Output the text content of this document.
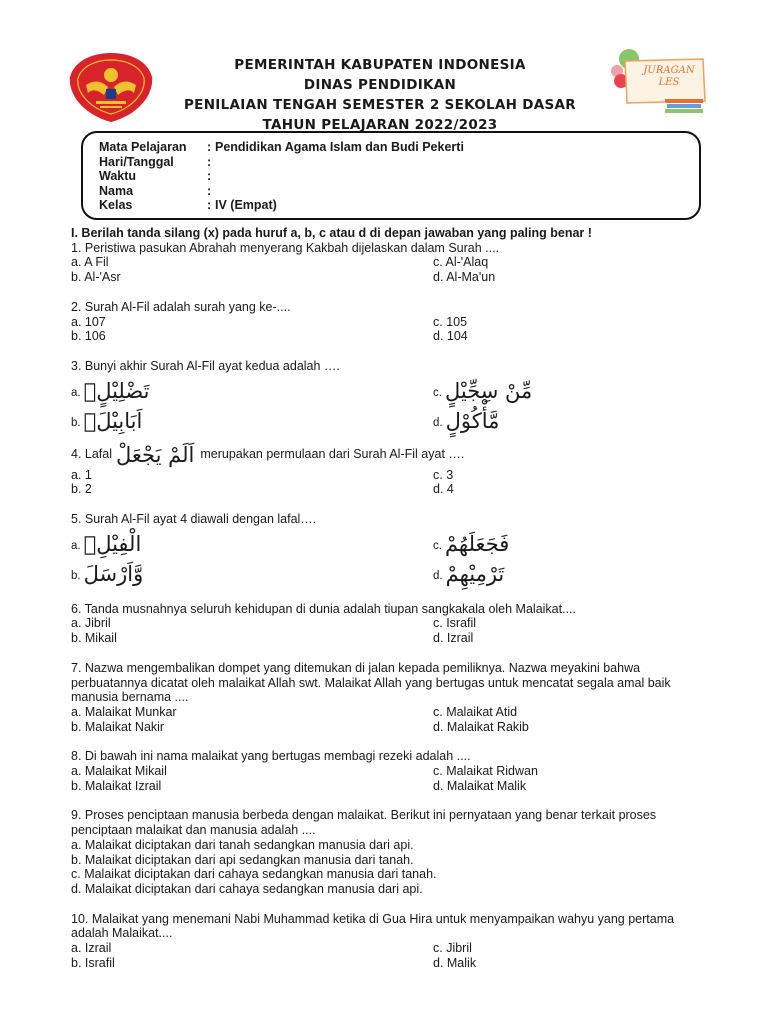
PEMERINTAH KABUPATEN INDONESIA
DINAS PENDIDIKAN
PENILAIAN TENGAH SEMESTER 2 SEKOLAH DASAR
TAHUN PELAJARAN 2022/2023
JURAGAN
LES
Mata Pelajaran	: Pendidikan Agama Islam dan Budi Pekerti
Hari/Tanggal	:
Waktu	:
Nama	:
Kelas	: IV (Empat)
I. Berilah tanda silang (x) pada huruf a, b, c atau d di depan jawaban yang paling benar !
1. Peristiwa pasukan Abrahah menyerang Kakbah dijelaskan dalam Surah ....
a. A Fil	c. Al-'Alaq
b. Al-'Asr	d. Al-Ma'un
2. Surah Al-Fil adalah surah yang ke-....
a. 107	c. 105
b. 106	d. 104
3. Bunyi akhir Surah Al-Fil ayat kedua adalah ….
a. تَضْلِيْلٍۙ	c. مِّنْ سِجِّيْلٍ
b. اَبَابِيْلَۙ	d. مَّأْكُوْلٍ
4. Lafal اَلَمْ يَجْعَلْ merupakan permulaan dari Surah Al-Fil ayat ….
a. 1	c. 3
b. 2	d. 4
5. Surah Al-Fil ayat 4 diawali dengan lafal….
a. الْفِيْلِۗ	c. فَجَعَلَهُمْ
b. وَّاَرْسَلَ	d. تَرْمِيْهِمْ
6. Tanda musnahnya seluruh kehidupan di dunia adalah tiupan sangkakala oleh Malaikat....
a. Jibril	c. Israfil
b. Mikail	d. Izrail
7. Nazwa mengembalikan dompet yang ditemukan di jalan kepada pemiliknya. Nazwa meyakini bahwa perbuatannya dicatat oleh malaikat Allah swt. Malaikat Allah yang bertugas untuk mencatat segala amal baik manusia bernama ....
a. Malaikat Munkar	c. Malaikat Atid
b. Malaikat Nakir	d. Malaikat Rakib
8. Di bawah ini nama malaikat yang bertugas membagi rezeki adalah ....
a. Malaikat Mikail	c. Malaikat Ridwan
b. Malaikat Izrail	d. Malaikat Malik
9. Proses penciptaan manusia berbeda dengan malaikat. Berikut ini pernyataan yang benar terkait proses penciptaan malaikat dan manusia adalah ....
a. Malaikat diciptakan dari tanah sedangkan manusia dari api.
b. Malaikat diciptakan dari api sedangkan manusia dari tanah.
c. Malaikat diciptakan dari cahaya sedangkan manusia dari tanah.
d. Malaikat diciptakan dari cahaya sedangkan manusia dari api.
10. Malaikat yang menemani Nabi Muhammad ketika di Gua Hira untuk menyampaikan wahyu yang pertama adalah Malaikat....
a. Izrail	c. Jibril
b. Israfil	d. Malik
